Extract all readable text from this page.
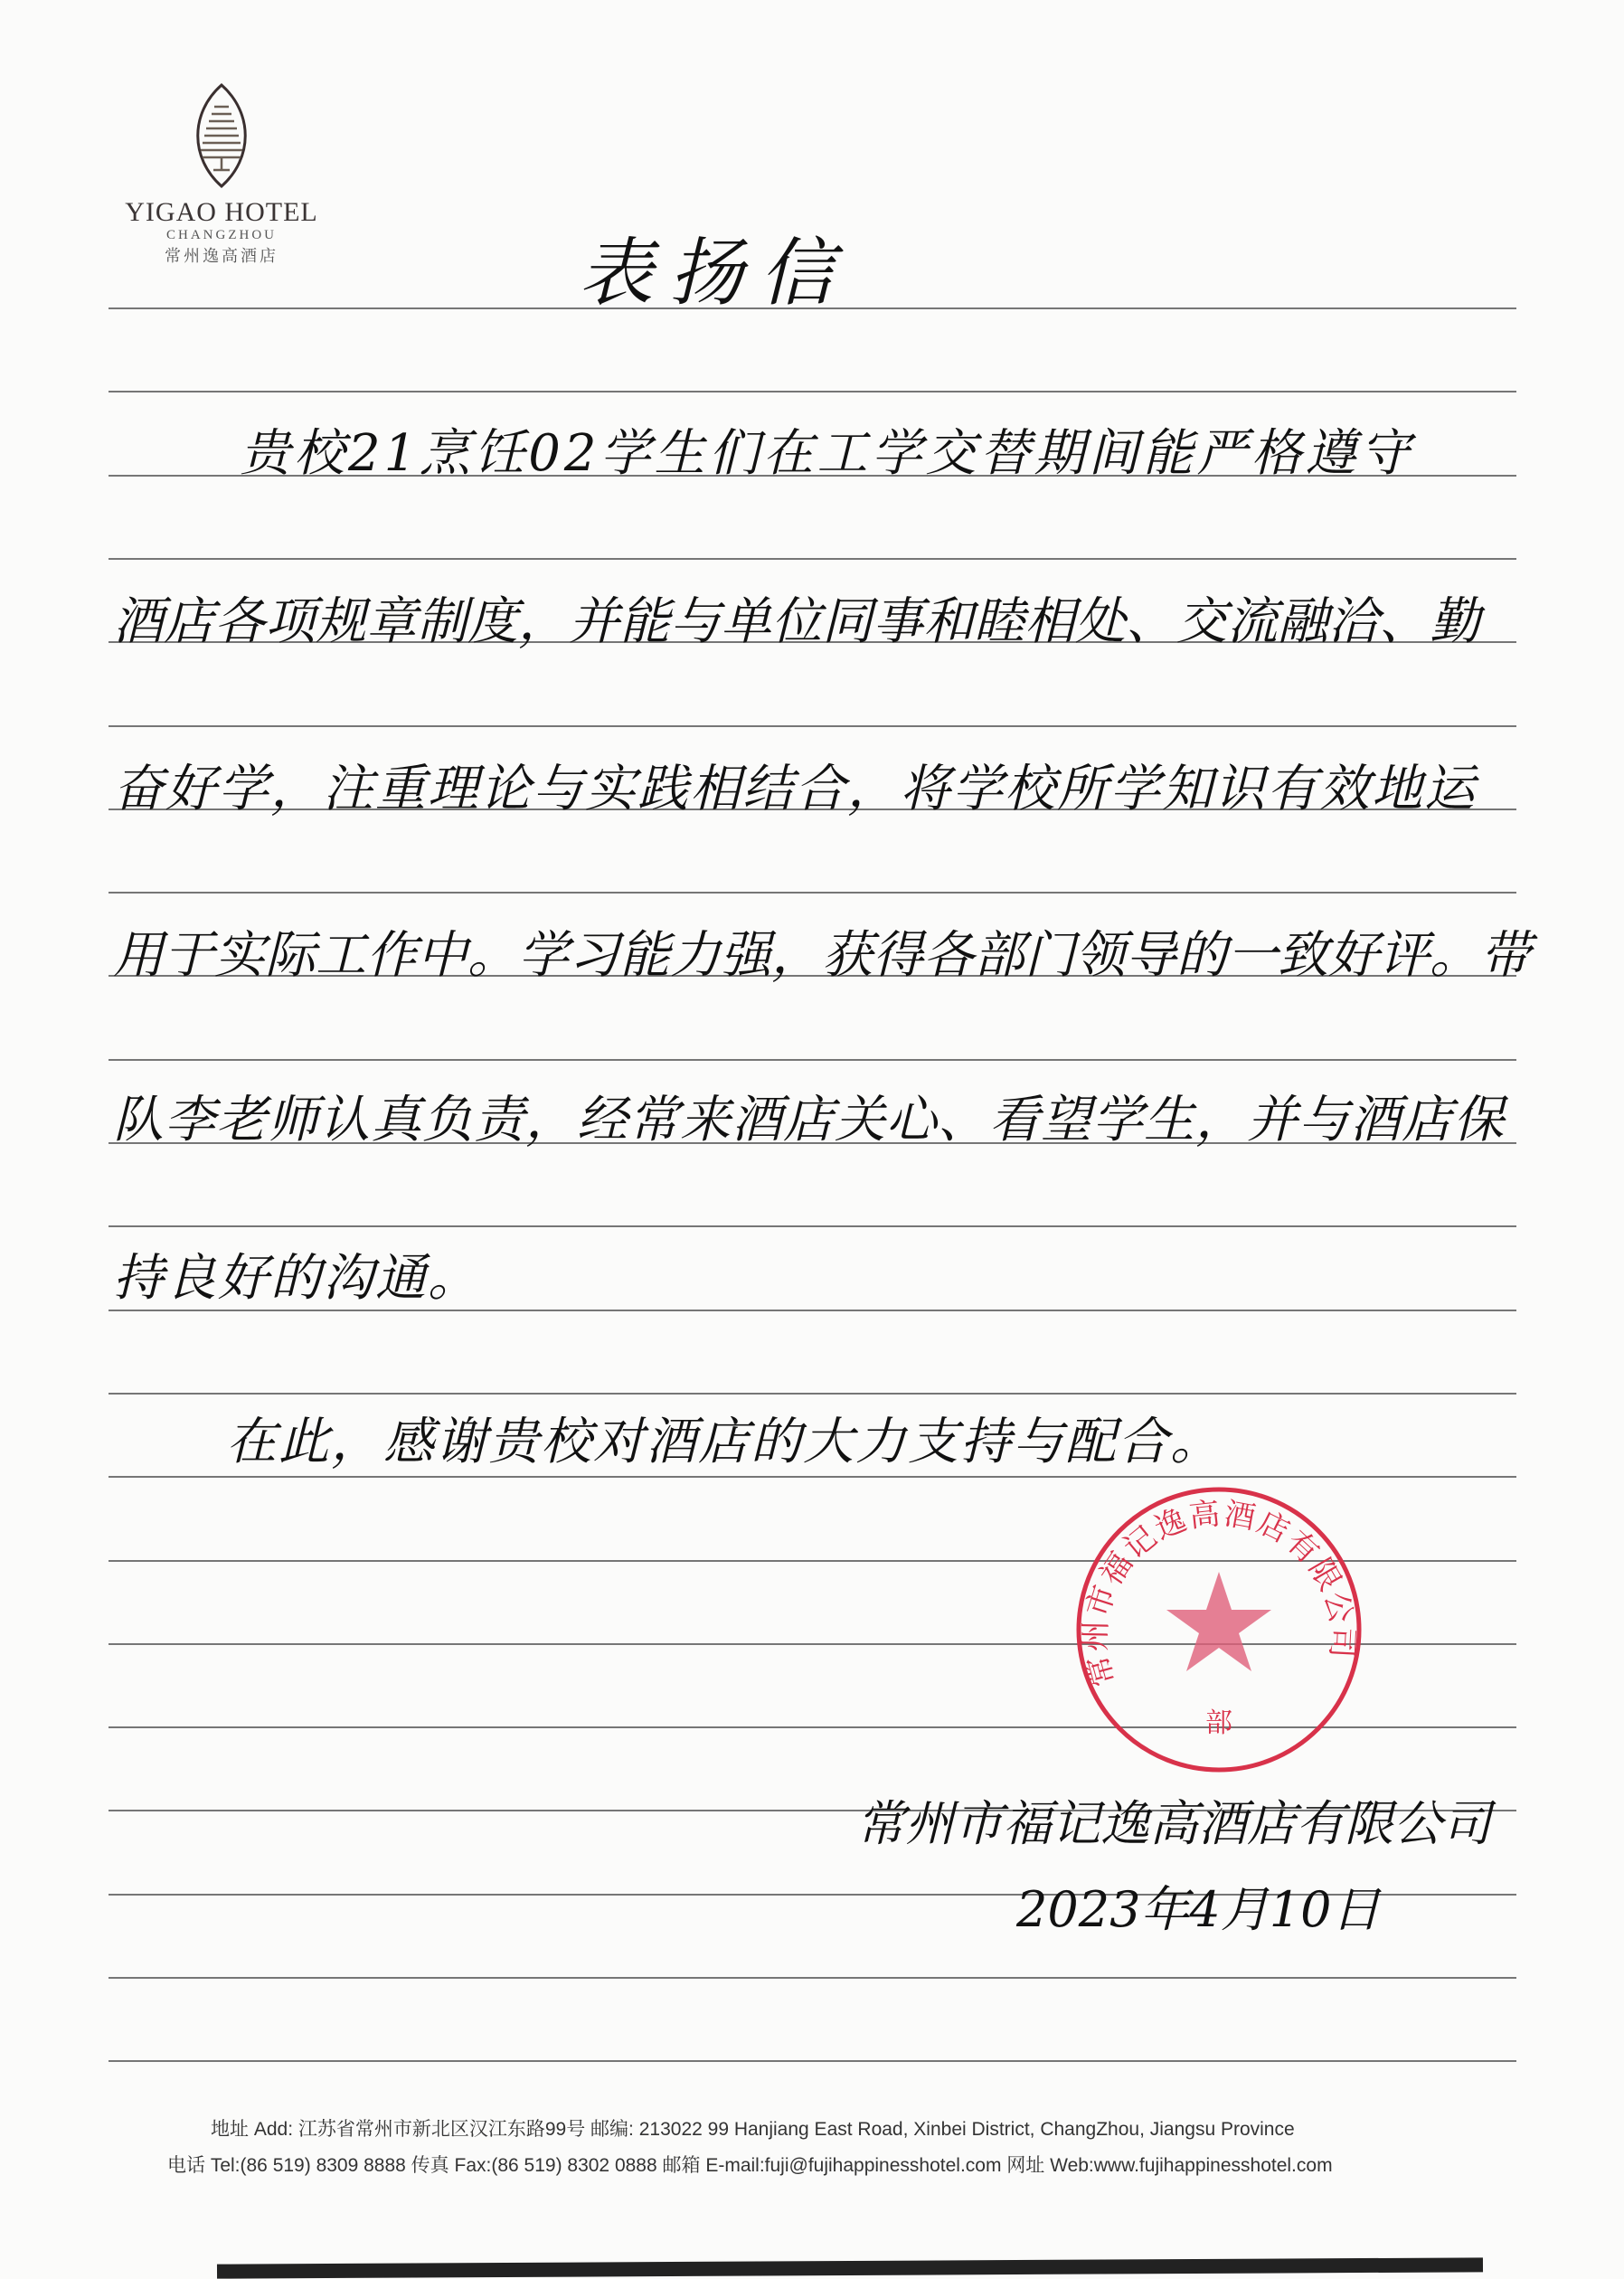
YIGAO HOTEL
CHANGZHOU
常州逸高酒店	表扬信
贵校21烹饪02学生们在工学交替期间能严格遵守
酒店各项规章制度，并能与单位同事和睦相处、交流融洽、勤
奋好学，注重理论与实践相结合，将学校所学知识有效地运
用于实际工作中。学习能力强，获得各部门领导的一致好评。带
队李老师认真负责，经常来酒店关心、看望学生，并与酒店保
持良好的沟通。
在此，感谢贵校对酒店的大力支持与配合。
常州市福记逸高酒店有限公司
部
常州市福记逸高酒店有限公司
2023年4月10日
地址 Add: 江苏省常州市新北区汉江东路99号 邮编: 213022 99 Hanjiang East Road, Xinbei District, ChangZhou, Jiangsu Province
电话 Tel:(86 519) 8309 8888 传真 Fax:(86 519) 8302 0888 邮箱 E-mail:fuji@fujihappinesshotel.com 网址 Web:www.fujihappinesshotel.com
